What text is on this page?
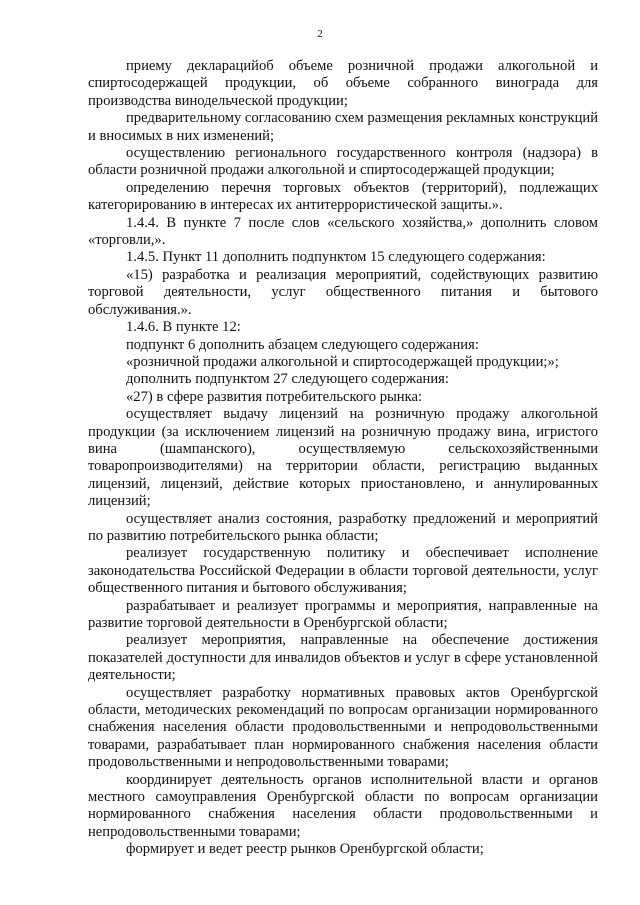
2

приему декларацийоб объеме розничной продажи алкогольной и спиртосодержащей продукции, об объеме собранного винограда для производства винодельческой продукции;

предварительному согласованию схем размещения рекламных конструкций и вносимых в них изменений;

осуществлению регионального государственного контроля (надзора) в области розничной продажи алкогольной и спиртосодержащей продукции;

определению перечня торговых объектов (территорий), подлежащих категорированию в интересах их антитеррористической защиты.».

1.4.4. В пункте 7 после слов «сельского хозяйства,» дополнить словом «торговли,».

1.4.5. Пункт 11 дополнить подпунктом 15 следующего содержания:

«15) разработка и реализация мероприятий, содействующих развитию торговой деятельности, услуг общественного питания и бытового обслуживания.».

1.4.6. В пункте 12:

подпункт 6 дополнить абзацем следующего содержания:

«розничной продажи алкогольной и спиртосодержащей продукции;»;

дополнить подпунктом 27 следующего содержания:

«27) в сфере развития потребительского рынка:

осуществляет выдачу лицензий на розничную продажу алкогольной продукции (за исключением лицензий на розничную продажу вина, игристого вина (шампанского), осуществляемую сельскохозяйственными товаропроизводителями) на территории области, регистрацию выданных лицензий, лицензий, действие которых приостановлено, и аннулированных лицензий;

осуществляет анализ состояния, разработку предложений и мероприятий по развитию потребительского рынка области;

реализует государственную политику и обеспечивает исполнение законодательства Российской Федерации в области торговой деятельности, услуг общественного питания и бытового обслуживания;

разрабатывает и реализует программы и мероприятия, направленные на развитие торговой деятельности в Оренбургской области;

реализует мероприятия, направленные на обеспечение достижения показателей доступности для инвалидов объектов и услуг в сфере установленной деятельности;

осуществляет разработку нормативных правовых актов Оренбургской области, методических рекомендаций по вопросам организации нормированного снабжения населения области продовольственными и непродовольственными товарами, разрабатывает план нормированного снабжения населения области продовольственными и непродовольственными товарами;

координирует деятельность органов исполнительной власти и органов местного самоуправления Оренбургской области по вопросам организации нормированного снабжения населения области продовольственными и непродовольственными товарами;

формирует и ведет реестр рынков Оренбургской области;
